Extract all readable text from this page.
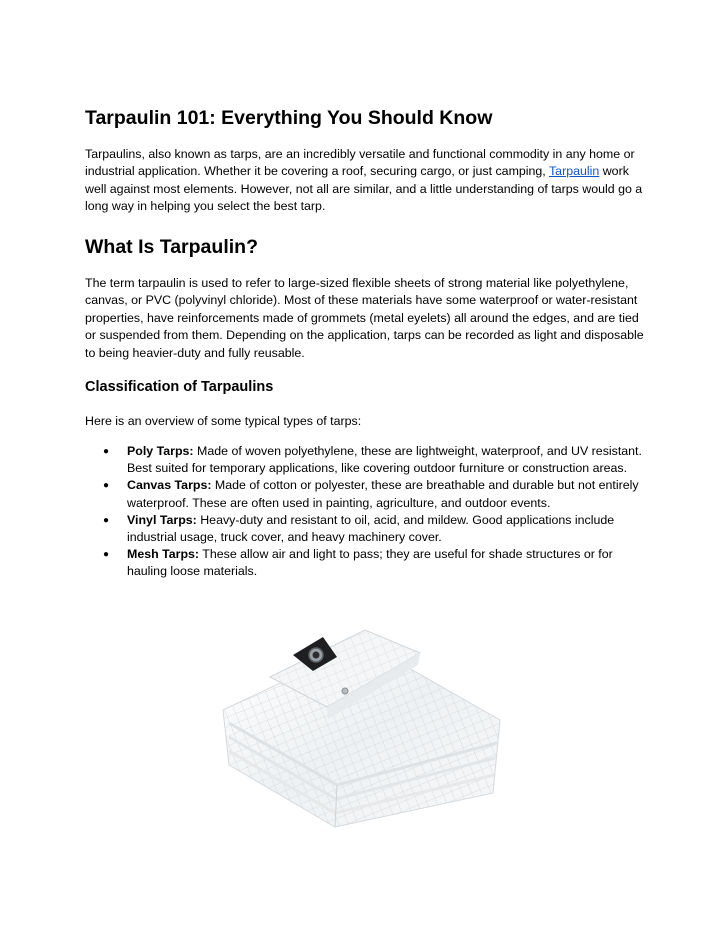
Tarpaulin 101: Everything You Should Know

Tarpaulins, also known as tarps, are an incredibly versatile and functional commodity in any home or industrial application. Whether it be covering a roof, securing cargo, or just camping, Tarpaulin work well against most elements. However, not all are similar, and a little understanding of tarps would go a long way in helping you select the best tarp.

What Is Tarpaulin?

The term tarpaulin is used to refer to large-sized flexible sheets of strong material like polyethylene, canvas, or PVC (polyvinyl chloride). Most of these materials have some waterproof or water-resistant properties, have reinforcements made of grommets (metal eyelets) all around the edges, and are tied or suspended from them. Depending on the application, tarps can be recorded as light and disposable to being heavier-duty and fully reusable.

Classification of Tarpaulins

Here is an overview of some typical types of tarps:

● Poly Tarps: Made of woven polyethylene, these are lightweight, waterproof, and UV resistant. Best suited for temporary applications, like covering outdoor furniture or construction areas.
● Canvas Tarps: Made of cotton or polyester, these are breathable and durable but not entirely waterproof. These are often used in painting, agriculture, and outdoor events.
● Vinyl Tarps: Heavy-duty and resistant to oil, acid, and mildew. Good applications include industrial usage, truck cover, and heavy machinery cover.
● Mesh Tarps: These allow air and light to pass; they are useful for shade structures or for hauling loose materials.
